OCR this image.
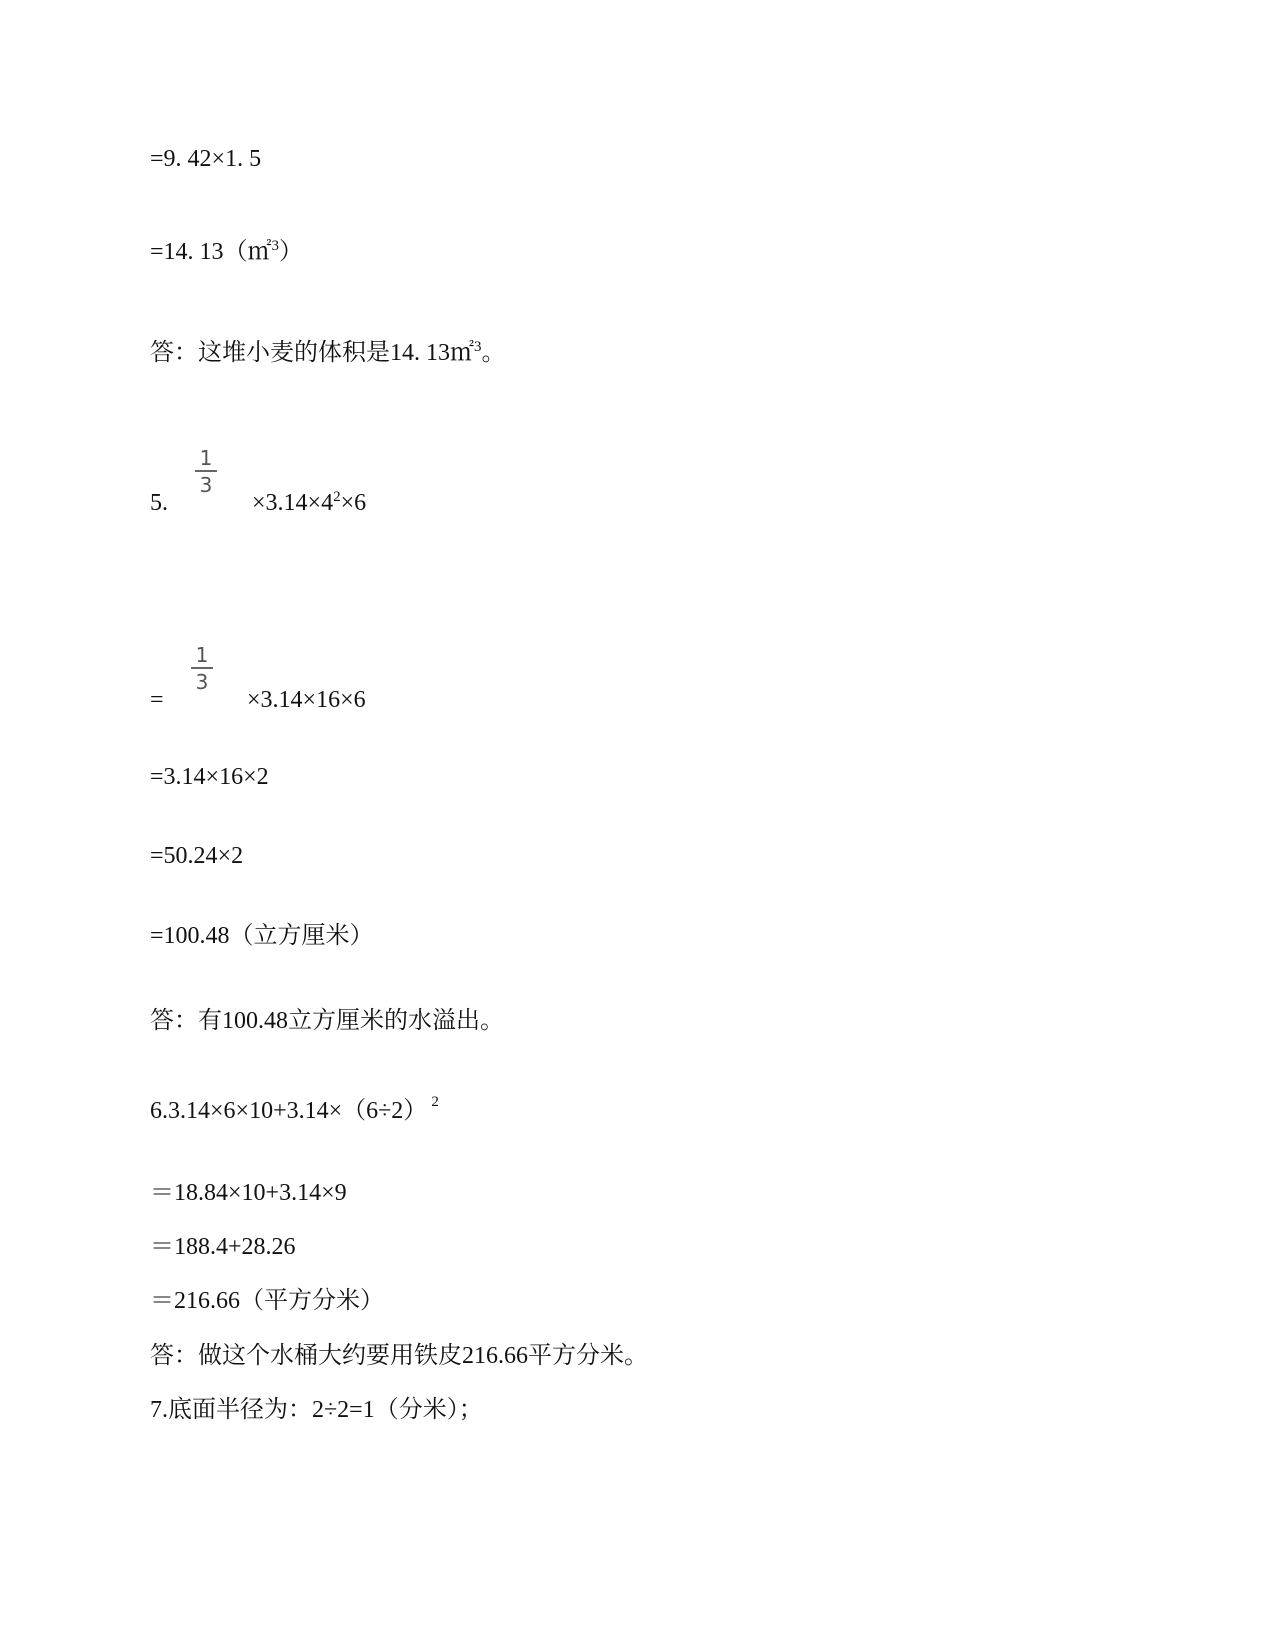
=9. 42×1. 5
=14. 13（㎡$^3$）
答：这堆小麦的体积是14. 13㎡$^3$。
5.
1
3
$\times 3.14\times 4^2\times 6$
=
1
3
×3.14×16×6
=3.14×16×2
=50.24×2
=100.48（立方厘米）
答：有100.48立方厘米的水溢出。
6.3.14×6×10+3.14×（6÷2） $^2$
＝18.84×10+3.14×9
＝188.4+28.26
＝216.66（平方分米）
答：做这个水桶大约要用铁皮216.66平方分米。
7.底面半径为：2÷2=1（分米）；
